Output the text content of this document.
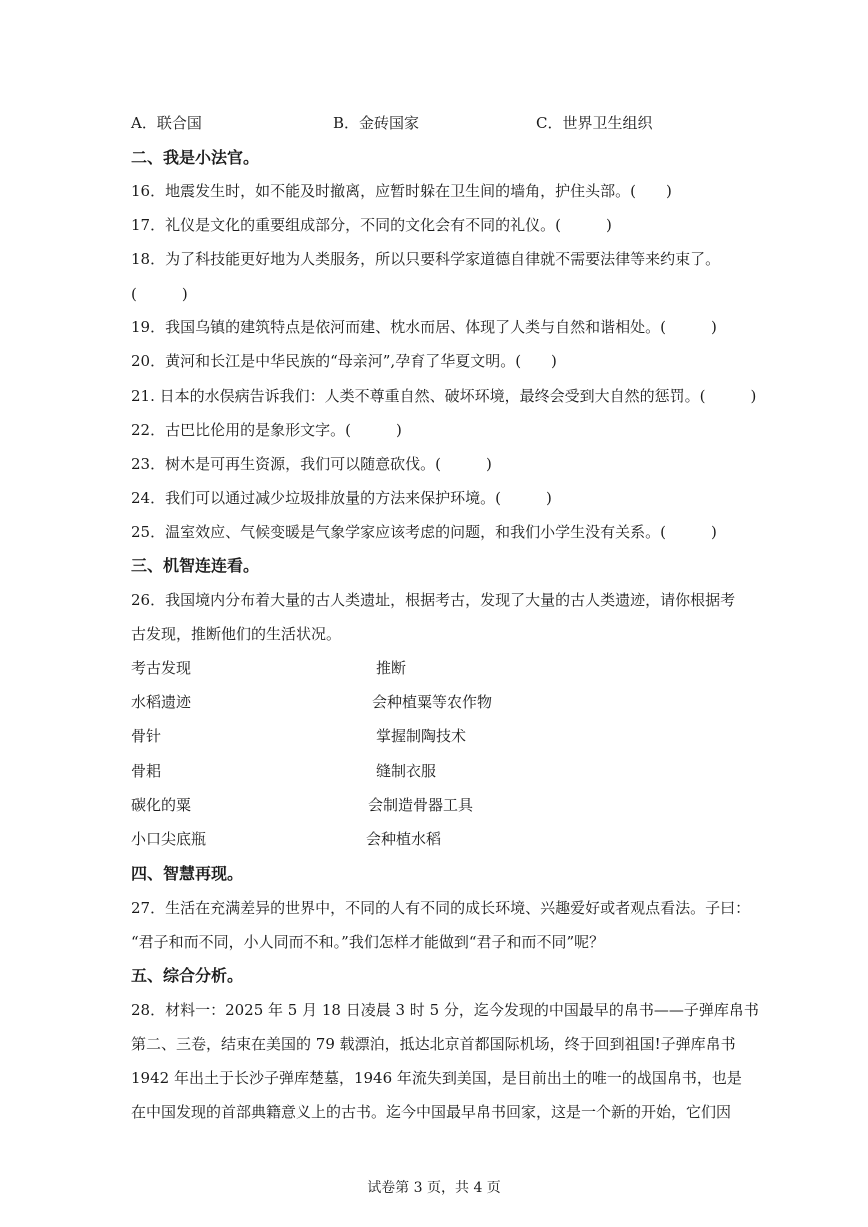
A．联合国	B．金砖国家	C．世界卫生组织
二、我是小法官。
16．地震发生时，如不能及时撤离，应暂时躲在卫生间的墙角，护住头部。(　　)
17．礼仪是文化的重要组成部分，不同的文化会有不同的礼仪。(　　　)
18．为了科技能更好地为人类服务，所以只要科学家道德自律就不需要法律等来约束了。
(　　　)
19．我国乌镇的建筑特点是依河而建、枕水而居、体现了人类与自然和谐相处。(　　　)
20．黄河和长江是中华民族的“母亲河”,孕育了华夏文明。(　　)
21. 日本的水俣病告诉我们：人类不尊重自然、破坏环境，最终会受到大自然的惩罚。(　　　)
22．古巴比伦用的是象形文字。(　　　)
23．树木是可再生资源，我们可以随意砍伐。(　　　)
24．我们可以通过减少垃圾排放量的方法来保护环境。(　　　)
25．温室效应、气候变暖是气象学家应该考虑的问题，和我们小学生没有关系。(　　　)
三、机智连连看。
26．我国境内分布着大量的古人类遗址，根据考古，发现了大量的古人类遗迹，请你根据考
古发现，推断他们的生活状况。
考古发现	推断
水稻遗迹	会种植粟等农作物
骨针	掌握制陶技术
骨耜	缝制衣服
碳化的粟	会制造骨器工具
小口尖底瓶	会种植水稻
四、智慧再现。
27．生活在充满差异的世界中，不同的人有不同的成长环境、兴趣爱好或者观点看法。子曰：
“君子和而不同，小人同而不和。”我们怎样才能做到“君子和而不同”呢？
五、综合分析。
28．材料一：2025 年 5 月 18 日凌晨 3 时 5 分，迄今发现的中国最早的帛书——子弹库帛书
第二、三卷，结束在美国的 79 载漂泊，抵达北京首都国际机场，终于回到祖国!子弹库帛书
1942 年出土于长沙子弹库楚墓，1946 年流失到美国，是目前出土的唯一的战国帛书，也是
在中国发现的首部典籍意义上的古书。迄今中国最早帛书回家，这是一个新的开始，它们因
试卷第 3 页，共 4 页
